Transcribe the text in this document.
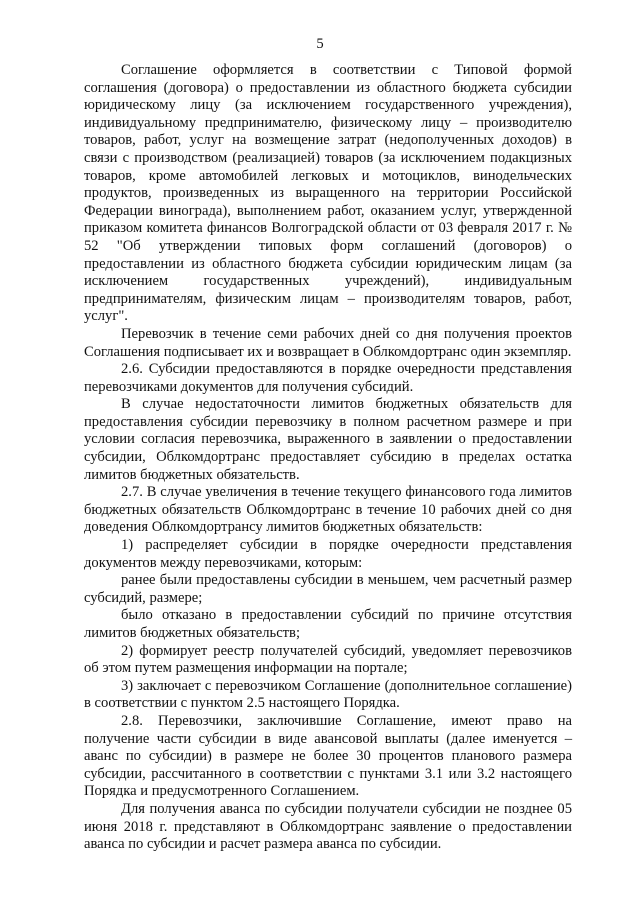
5

Соглашение оформляется в соответствии с Типовой формой соглашения (договора) о предоставлении из областного бюджета субсидии юридическому лицу (за исключением государственного учреждения), индивидуальному предпринимателю, физическому лицу – производителю товаров, работ, услуг на возмещение затрат (недополученных доходов) в связи с производством (реализацией) товаров (за исключением подакцизных товаров, кроме автомобилей легковых и мотоциклов, винодельческих продуктов, произведенных из выращенного на территории Российской Федерации винограда), выполнением работ, оказанием услуг, утвержденной приказом комитета финансов Волгоградской области от 03 февраля 2017 г. № 52 "Об утверждении типовых форм соглашений (договоров) о предоставлении из областного бюджета субсидии юридическим лицам (за исключением государственных учреждений), индивидуальным предпринимателям, физическим лицам – производителям товаров, работ, услуг".

Перевозчик в течение семи рабочих дней со дня получения проектов Соглашения подписывает их и возвращает в Облкомдортранс один экземпляр.

2.6. Субсидии предоставляются в порядке очередности представления перевозчиками документов для получения субсидий.

В случае недостаточности лимитов бюджетных обязательств для предоставления субсидии перевозчику в полном расчетном размере и при условии согласия перевозчика, выраженного в заявлении о предоставлении субсидии, Облкомдортранс предоставляет субсидию в пределах остатка лимитов бюджетных обязательств.

2.7. В случае увеличения в течение текущего финансового года лимитов бюджетных обязательств Облкомдортранс в течение 10 рабочих дней со дня доведения Облкомдортрансу лимитов бюджетных обязательств:

1) распределяет субсидии в порядке очередности представления документов между перевозчиками, которым:

ранее были предоставлены субсидии в меньшем, чем расчетный размер субсидий, размере;

было отказано в предоставлении субсидий по причине отсутствия лимитов бюджетных обязательств;

2) формирует реестр получателей субсидий, уведомляет перевозчиков об этом путем размещения информации на портале;

3) заключает с перевозчиком Соглашение (дополнительное соглашение) в соответствии с пунктом 2.5 настоящего Порядка.

2.8. Перевозчики, заключившие Соглашение, имеют право на получение части субсидии в виде авансовой выплаты (далее именуется – аванс по субсидии) в размере не более 30 процентов планового размера субсидии, рассчитанного в соответствии с пунктами 3.1 или 3.2 настоящего Порядка и предусмотренного Соглашением.

Для получения аванса по субсидии получатели субсидии не позднее 05 июня 2018 г. представляют в Облкомдортранс заявление о предоставлении аванса по субсидии и расчет размера аванса по субсидии.
